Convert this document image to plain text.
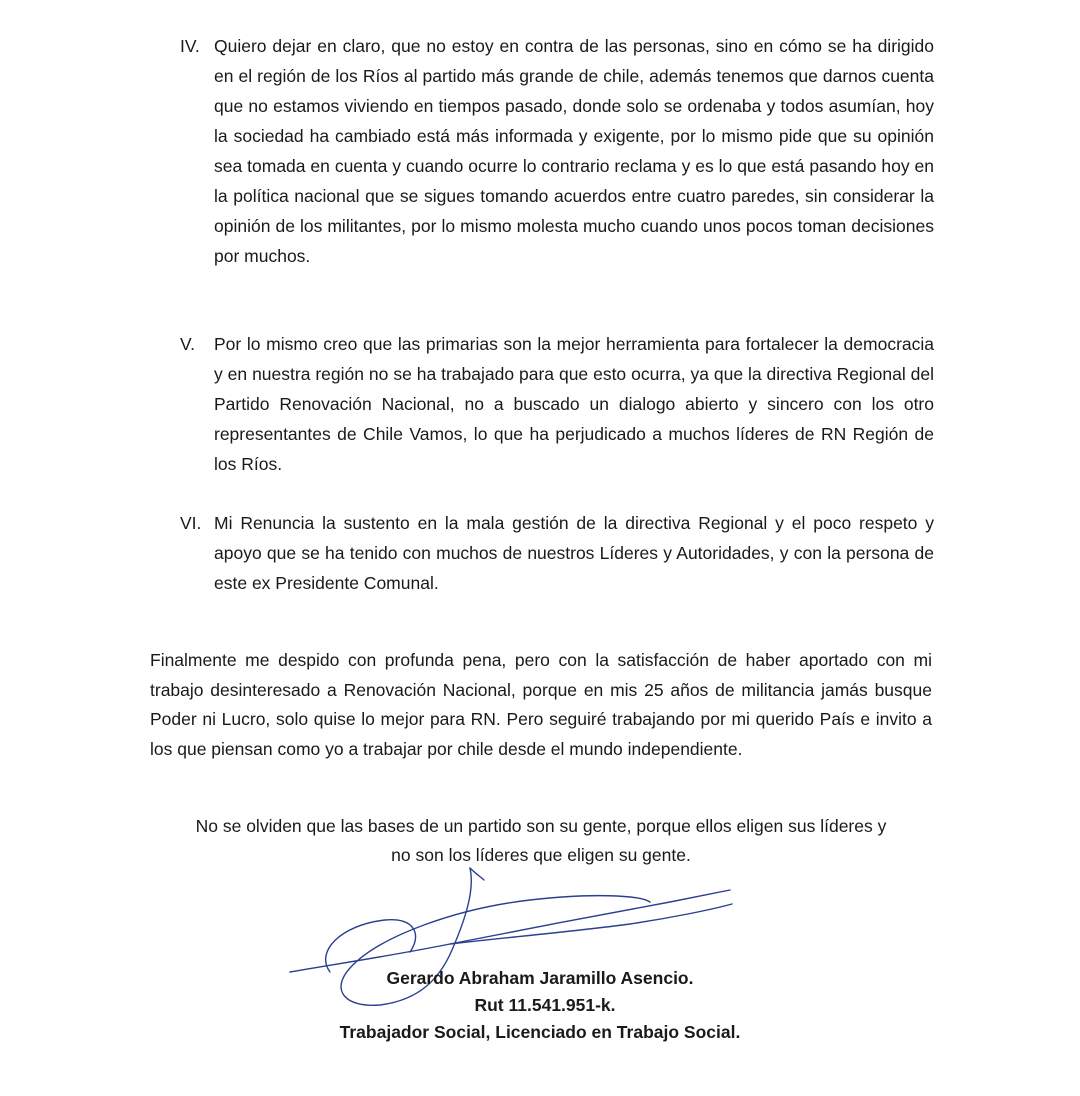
IV. Quiero dejar en claro, que no estoy en contra de las personas, sino en cómo se ha dirigido en el región de los Ríos al partido más grande de chile, además tenemos que darnos cuenta que no estamos viviendo en tiempos pasado, donde solo se ordenaba y todos asumían, hoy la sociedad ha cambiado está más informada y exigente, por lo mismo pide que su opinión sea tomada en cuenta y cuando ocurre lo contrario reclama y es lo que está pasando hoy en la política nacional que se sigues tomando acuerdos entre cuatro paredes, sin considerar la opinión de los militantes, por lo mismo molesta mucho cuando unos pocos toman decisiones por muchos.
V. Por lo mismo creo que las primarias son la mejor herramienta para fortalecer la democracia y en nuestra región no se ha trabajado para que esto ocurra, ya que la directiva Regional del Partido Renovación Nacional, no a buscado un dialogo abierto y sincero con los otro representantes de Chile Vamos, lo que ha perjudicado a muchos líderes de RN Región de los Ríos.
VI. Mi Renuncia la sustento en la mala gestión de la directiva Regional y el poco respeto y apoyo que se ha tenido con muchos de nuestros Líderes y Autoridades, y con la persona de este ex Presidente Comunal.

Finalmente me despido con profunda pena, pero con la satisfacción de haber aportado con mi trabajo desinteresado a Renovación Nacional, porque en mis 25 años de militancia jamás busque Poder ni Lucro, solo quise lo mejor para RN. Pero seguiré trabajando por mi querido País e invito a los que piensan como yo a trabajar por chile desde el mundo independiente.

No se olviden que las bases de un partido son su gente, porque ellos eligen sus líderes y
no son los líderes que eligen su gente.
Gerardo Abraham Jaramillo Asencio.
Rut 11.541.951-k.
Trabajador Social, Licenciado en Trabajo Social.
